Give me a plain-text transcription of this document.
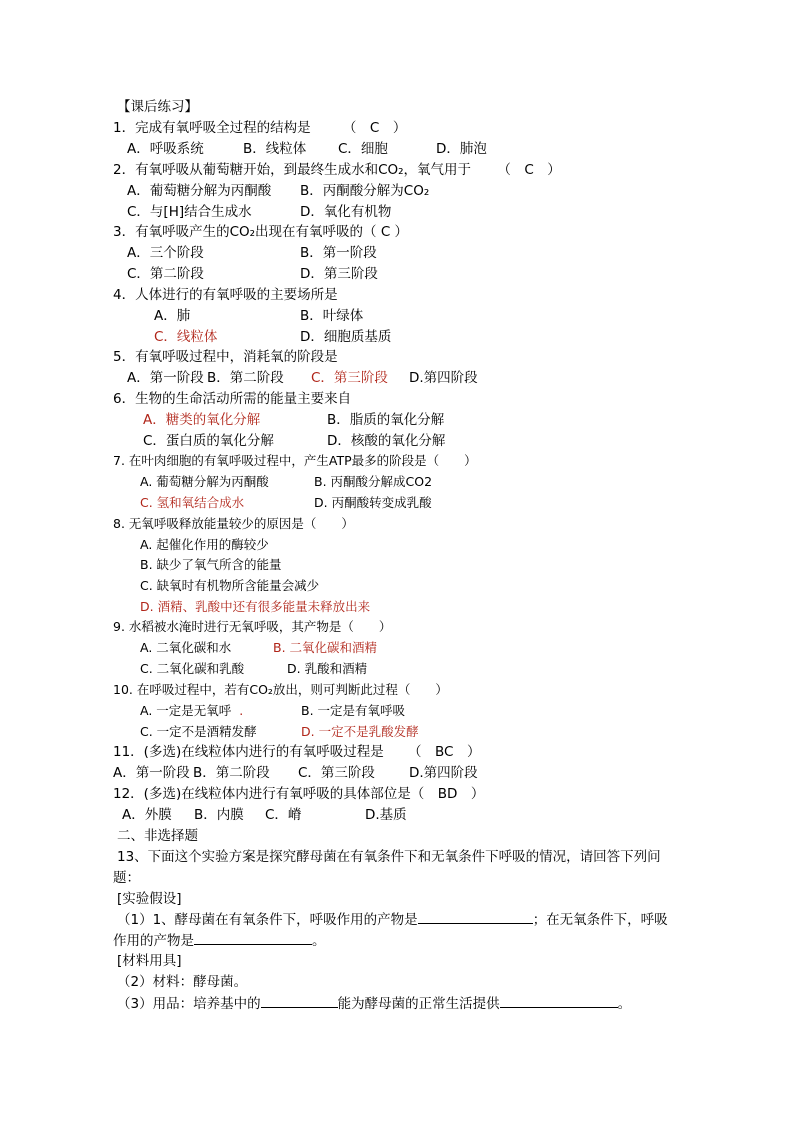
【课后练习】
1．完成有氧呼吸全过程的结构是 （　C　）
A．呼吸系统	B．线粒体 C．细胞	D．肺泡
2．有氧呼吸从葡萄糖开始，到最终生成水和CO₂，氧气用于 （　C　）
A．葡萄糖分解为丙酮酸 B．丙酮酸分解为CO₂
C．与[H]结合生成水	D．氧化有机物
3．有氧呼吸产生的CO₂出现在有氧呼吸的（ C ）
A．三个阶段	B．第一阶段
C．第二阶段	D．第三阶段
4．人体进行的有氧呼吸的主要场所是
A．肺	B．叶绿体
C．线粒体	D．细胞质基质
5．有氧呼吸过程中，消耗氧的阶段是
A．第一阶段 B．第二阶段 C．第三阶段 D.第四阶段
6．生物的生命活动所需的能量主要来自
A．糖类的氧化分解	B．脂质的氧化分解
C．蛋白质的氧化分解	D．核酸的氧化分解
7. 在叶肉细胞的有氧呼吸过程中，产生ATP最多的阶段是（　　）
A. 葡萄糖分解为丙酮酸	B. 丙酮酸分解成CO2
C. 氢和氧结合成水	D. 丙酮酸转变成乳酸
8. 无氧呼吸释放能量较少的原因是（　　）
A. 起催化作用的酶较少
B. 缺少了氧气所含的能量
C. 缺氧时有机物所含能量会减少
D. 酒精、乳酸中还有很多能量未释放出来
9. 水稻被水淹时进行无氧呼吸，其产物是（　　）
A. 二氧化碳和水	B. 二氧化碳和酒精
C. 二氧化碳和乳酸	D. 乳酸和酒精
10. 在呼吸过程中，若有CO₂放出，则可判断此过程（　　）
A. 一定是无氧呼 .	B. 一定是有氧呼吸
C. 一定不是酒精发酵	D. 一定不是乳酸发酵
11．(多选)在线粒体内进行的有氧呼吸过程是 （　BC　）
A．第一阶段 B．第二阶段 C．第三阶段	D.第四阶段
12．(多选)在线粒体内进行有氧呼吸的具体部位是（　BD　）
A．外膜 B．内膜 C．嵴	D.基质
二、非选择题
13、下面这个实验方案是探究酵母菌在有氧条件下和无氧条件下呼吸的情况，请回答下列问
题：
[实验假设]
（1）1、酵母菌在有氧条件下，呼吸作用的产物是	；在无氧条件下，呼吸
作用的产物是	。
[材料用具]
（2）材料：酵母菌。
（3）用品：培养基中的	能为酵母菌的正常生活提供	。
